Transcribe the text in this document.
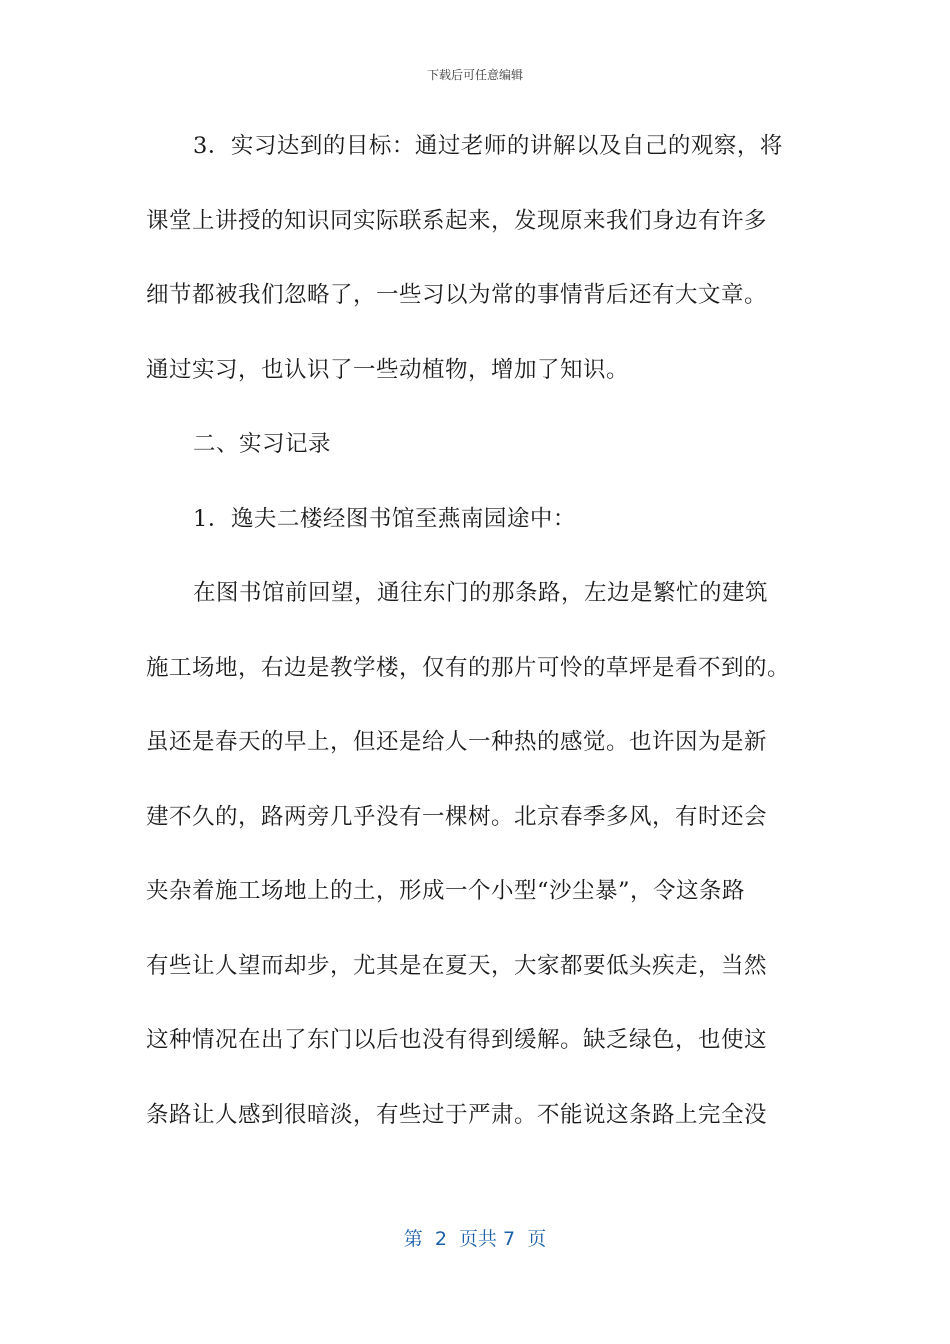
下载后可任意编辑
3．实习达到的目标：通过老师的讲解以及自己的观察，将
课堂上讲授的知识同实际联系起来，发现原来我们身边有许多
细节都被我们忽略了，一些习以为常的事情背后还有大文章。
通过实习，也认识了一些动植物，增加了知识。
二、实习记录
1．逸夫二楼经图书馆至燕南园途中：
在图书馆前回望，通往东门的那条路，左边是繁忙的建筑
施工场地，右边是教学楼，仅有的那片可怜的草坪是看不到的。
虽还是春天的早上，但还是给人一种热的感觉。也许因为是新
建不久的，路两旁几乎没有一棵树。北京春季多风，有时还会
夹杂着施工场地上的土，形成一个小型“沙尘暴”，令这条路
有些让人望而却步，尤其是在夏天，大家都要低头疾走，当然
这种情况在出了东门以后也没有得到缓解。缺乏绿色，也使这
条路让人感到很暗淡，有些过于严肃。不能说这条路上完全没
第  2  页共 7  页
